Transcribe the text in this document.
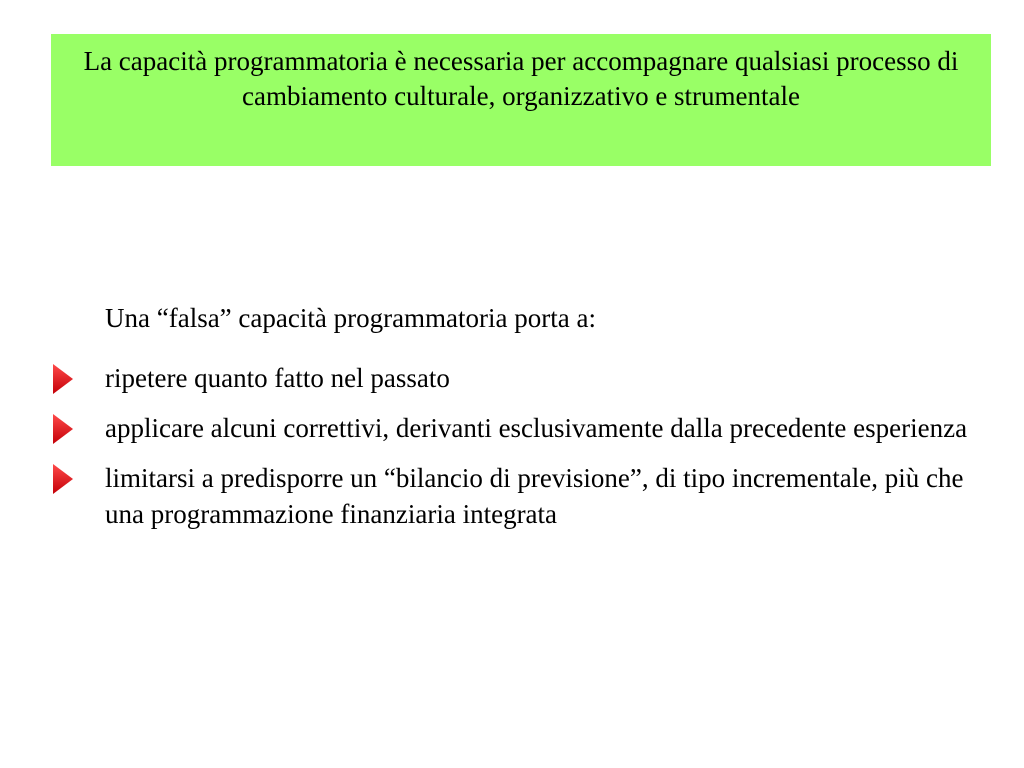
La capacità programmatoria è necessaria per accompagnare qualsiasi processo di cambiamento culturale, organizzativo e strumentale
Una “falsa” capacità programmatoria porta a:
ripetere quanto fatto nel passato
applicare alcuni correttivi, derivanti esclusivamente dalla precedente esperienza
limitarsi a predisporre un “bilancio di previsione”, di tipo incrementale, più che una programmazione finanziaria integrata
